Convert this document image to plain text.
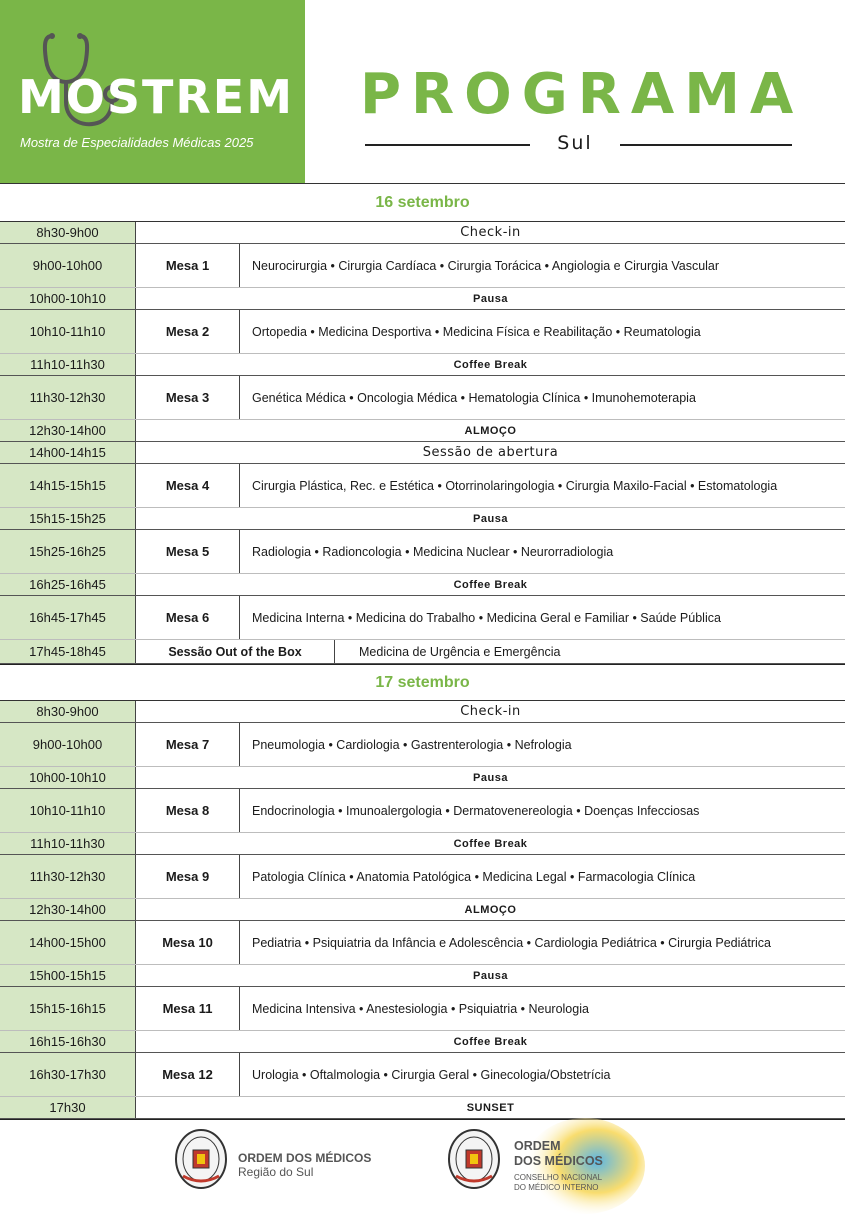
MOSTREM
Mostra de Especialidades Médicas 2025
PROGRAMA
Sul
16 setembro
8h30-9h00	Check-in
9h00-10h00	Mesa 1	Neurocirurgia • Cirurgia Cardíaca • Cirurgia Torácica • Angiologia e Cirurgia Vascular
10h00-10h10	Pausa
10h10-11h10	Mesa 2	Ortopedia • Medicina Desportiva • Medicina Física e Reabilitação • Reumatologia
11h10-11h30	Coffee Break
11h30-12h30	Mesa 3	Genética Médica • Oncologia Médica • Hematologia Clínica • Imunohemoterapia
12h30-14h00	ALMOÇO
14h00-14h15	Sessão de abertura
14h15-15h15	Mesa 4	Cirurgia Plástica, Rec. e Estética • Otorrinolaringologia • Cirurgia Maxilo-Facial • Estomatologia
15h15-15h25	Pausa
15h25-16h25	Mesa 5	Radiologia • Radioncologia • Medicina Nuclear • Neurorradiologia
16h25-16h45	Coffee Break
16h45-17h45	Mesa 6	Medicina Interna • Medicina do Trabalho • Medicina Geral e Familiar • Saúde Pública
17h45-18h45	Sessão Out of the Box	Medicina de Urgência e Emergência
17 setembro
8h30-9h00	Check-in
9h00-10h00	Mesa 7	Pneumologia • Cardiologia • Gastrenterologia • Nefrologia
10h00-10h10	Pausa
10h10-11h10	Mesa 8	Endocrinologia • Imunoalergologia • Dermatovenereologia • Doenças Infecciosas
11h10-11h30	Coffee Break
11h30-12h30	Mesa 9	Patologia Clínica • Anatomia Patológica • Medicina Legal • Farmacologia Clínica
12h30-14h00	ALMOÇO
14h00-15h00	Mesa 10	Pediatria • Psiquiatria da Infância e Adolescência • Cardiologia Pediátrica • Cirurgia Pediátrica
15h00-15h15	Pausa
15h15-16h15	Mesa 11	Medicina Intensiva • Anestesiologia • Psiquiatria • Neurologia
16h15-16h30	Coffee Break
16h30-17h30	Mesa 12	Urologia • Oftalmologia • Cirurgia Geral • Ginecologia/Obstetrícia
17h30	SUNSET
ORDEM DOS MÉDICOS
Região do Sul
ORDEM
DOS MÉDICOS
CONSELHO NACIONAL
DO MÉDICO INTERNO
